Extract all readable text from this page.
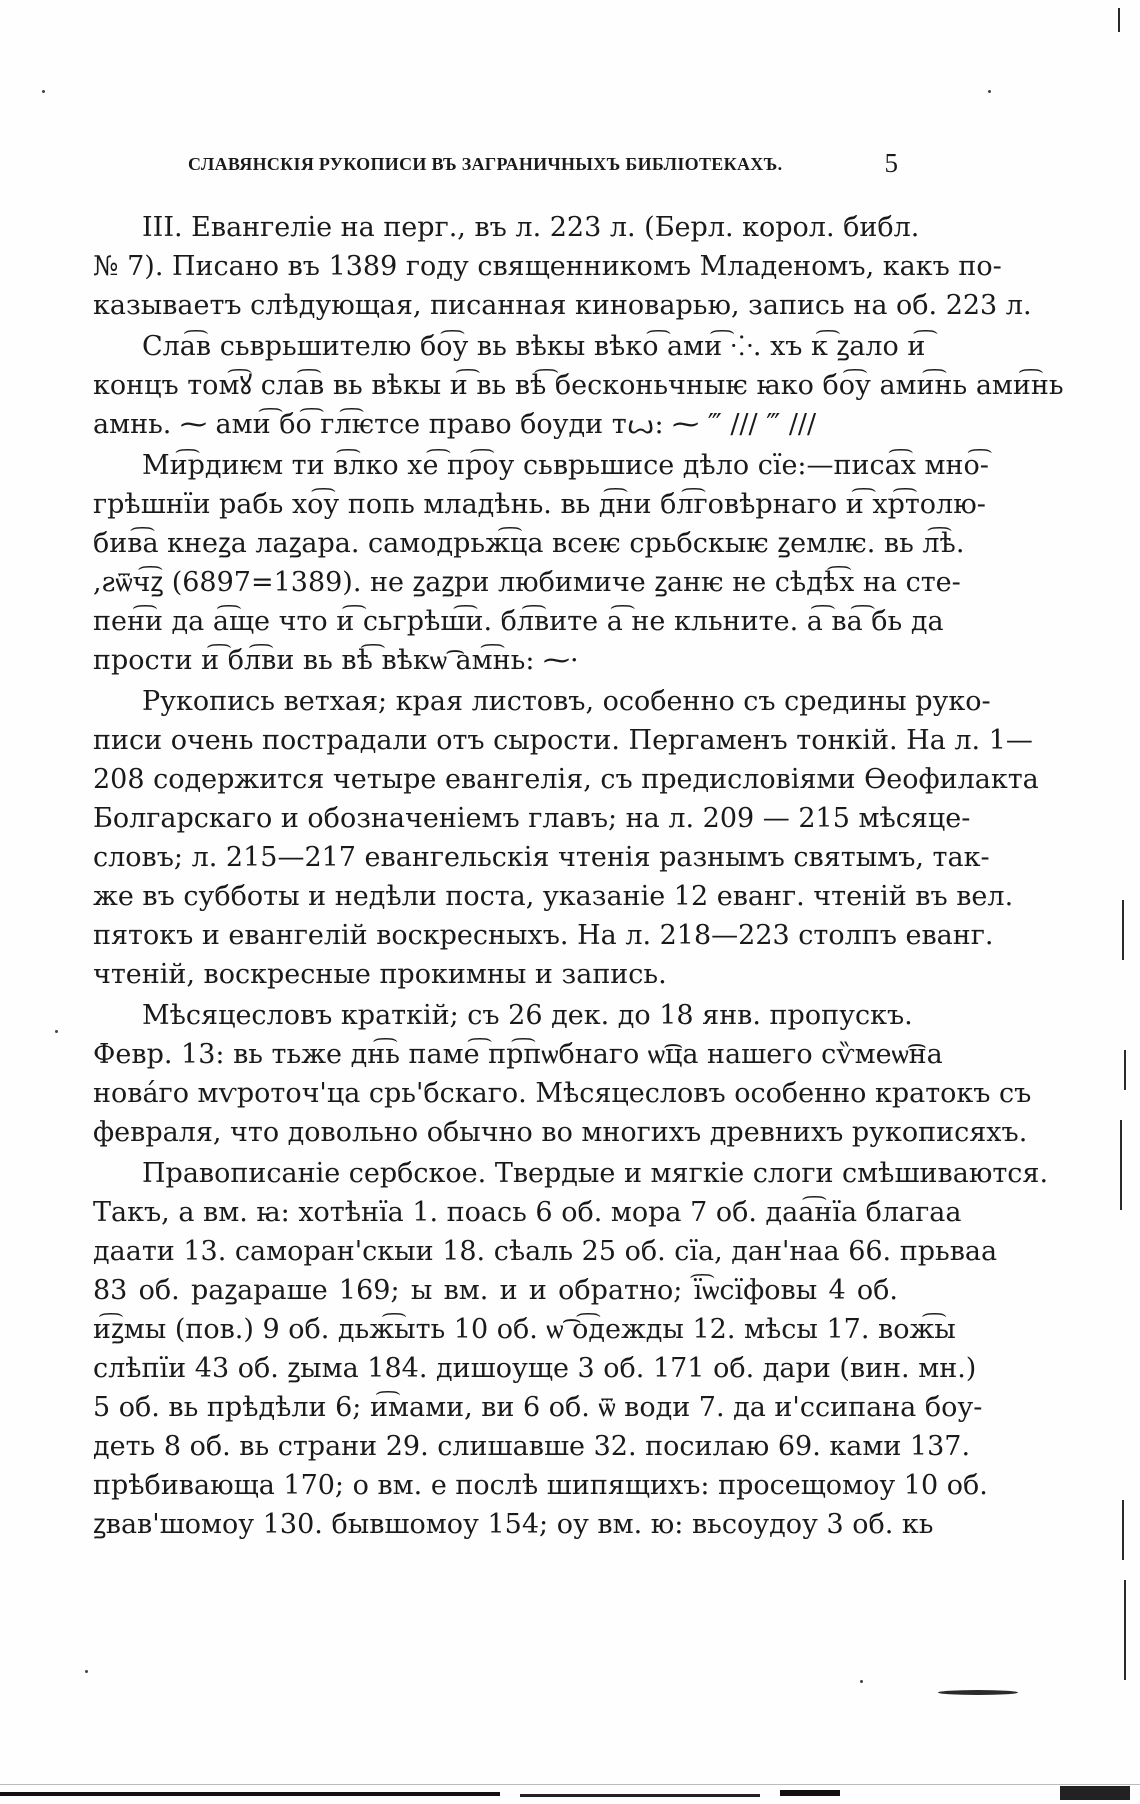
СЛАВЯНСКІЯ РУКОПИСИ ВЪ ЗАГРАНИЧНЫХЪ БИБЛІОТЕКАХЪ.	5

III. Евангеліе на перг., въ л. 223 л. (Берл. корол. библ.
№ 7). Писано въ 1389 году священникомъ Младеномъ, какъ по-
казываетъ слѣдующая, писанная киноварью, запись на об. 223 л.

Сла͡в сьврьшителю бо͡у вь вѣкы вѣко͡ ами͡ ⁘. хъ к͡ ꙁало и͡
концъ том͡ꙋ сла͡в вь вѣкы и͡ вь вѣ͡ бесконьчныѥ ꙗко бо͡у ами͡нь ами͡нь
амнь. ⁓ ами͡ бо͡ гл͡ѥтсе право боуди тꙍ: ⁓ ‴ /// ‴ ///

Ми͡рдиѥм ти в͡лко хе͡ пр͡оу сьврьшисе дѣло сїе:—писа͡х мно͡-
грѣшнїи рабь хо͡у попь младѣнь. вь д͡ни бл͡говѣрнаго и͡ хр͡толю-
бив͡а кнеꙁа лаꙁара. самодрьж͡ца всеѥ срьбскыѥ ꙁемлѥ. вь л͡ѣ.
,ꙅѿч͡ꙁ (6897=1389). не ꙁаꙁри любимиче ꙁанѥ не сѣдѣ͡х на сте-
пен͡и да а͡ще что и͡ сьгрѣш͡и. бл͡вите а͡ не кльните. а͡ ва͡ бь да
прости и͡ бл͡ви вь вѣ͡ вѣкѡ͡ ам͡нь: ⁓·

Рукопись ветхая; края листовъ, особенно съ средины руко-
писи очень пострадали отъ сырости. Пергаменъ тонкій. На л. 1—
208 содержится четыре евангелія, съ предисловіями Ѳеофилакта
Болгарскаго и обозначеніемъ главъ; на л. 209 — 215 мѣсяце-
словъ; л. 215—217 евангельскія чтенія разнымъ святымъ, так-
же въ субботы и недѣли поста, указаніе 12 еванг. чтеній въ вел.
пятокъ и евангелій воскресныхъ. На л. 218—223 столпъ еванг.
чтеній, воскресные прокимны и запись.

Мѣсяцесловъ краткій; съ 26 дек. до 18 янв. пропускъ.
Февр. 13: вь тьже дн͡ь паме͡ пр͡пѡбнаго ѡ͡ца нашего сѷмеѡ͡на
нова́го мѵроточ'ца срь'бскаго. Мѣсяцесловъ особенно кратокъ съ
февраля, что довольно обычно во многихъ древнихъ рукописяхъ.

Правописаніе сербское. Твердые и мягкіе слоги смѣшиваются.
Такъ, а вм. ꙗ: хотѣнїа 1. поась 6 об. мора 7 об. даа͡нїа благаа
даати 13. саморан'скыи 18. сѣаль 25 об. сїа, дан'наа 66. прьваа
83 об. раꙁараше 169; ы вм. и и обратно; ї͡ѡсїфовы 4 об.
и͡ꙁмы (пов.) 9 об. дьж͡ыть 10 об. ѡ͡ о͡дежды 12. мѣсы 17. вож͡ы
слѣпїи 43 об. ꙁыма 184. дишоуще 3 об. 171 об. дари (вин. мн.)
5 об. вь прѣдѣли 6; и͡мами, ви 6 об. ѿ води 7. да и'ссипана боу-
деть 8 об. вь страни 29. слишавше 32. посилаю 69. ками 137.
прѣбивающа 170; о вм. е послѣ шипящихъ: просещомоу 10 об.
ꙁвав'шомоу 130. бывшомоу 154; оу вм. ю: вьсоудоу 3 об. кь
